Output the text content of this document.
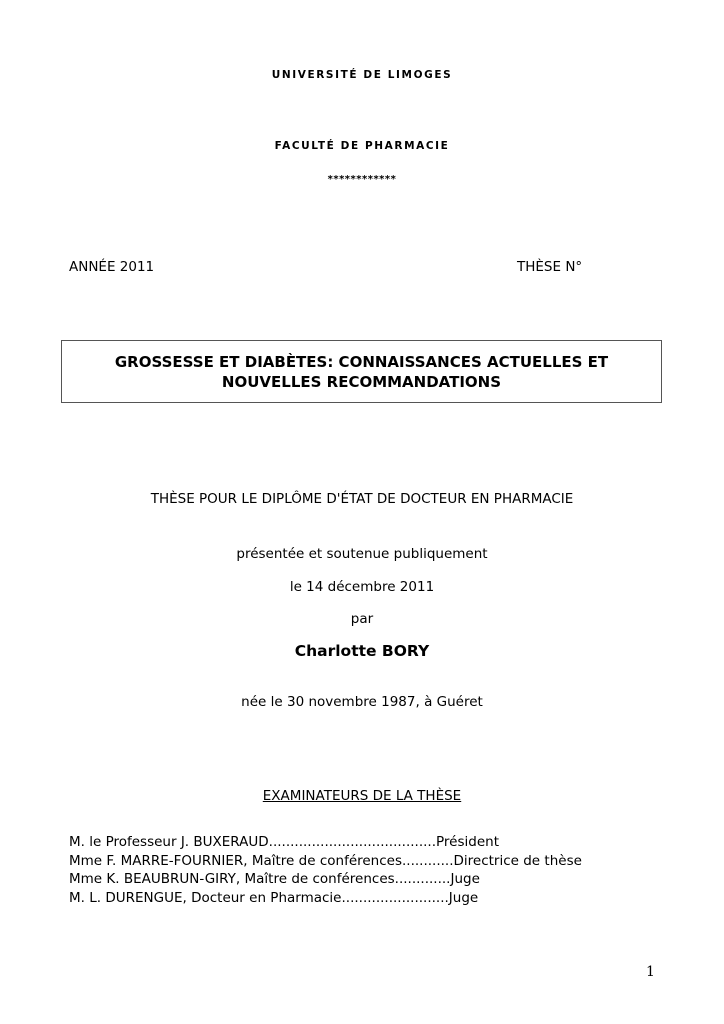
UNIVERSITÉ DE LIMOGES
FACULTÉ DE PHARMACIE
************
ANNÉE 2011	THÈSE N°
GROSSESSE ET DIABÈTES: CONNAISSANCES ACTUELLES ET
NOUVELLES RECOMMANDATIONS
THÈSE POUR LE DIPLÔME D'ÉTAT DE DOCTEUR EN PHARMACIE
présentée et soutenue publiquement
le 14 décembre 2011
par
Charlotte BORY
née le 30 novembre 1987, à Guéret
EXAMINATEURS DE LA THÈSE
M. le Professeur J. BUXERAUD ....................................... Président
Mme F. MARRE-FOURNIER, Maître de conférences ............ Directrice de thèse
Mme K. BEAUBRUN-GIRY, Maître de conférences ............. Juge
M. L. DURENGUE, Docteur en Pharmacie ......................... Juge
1
